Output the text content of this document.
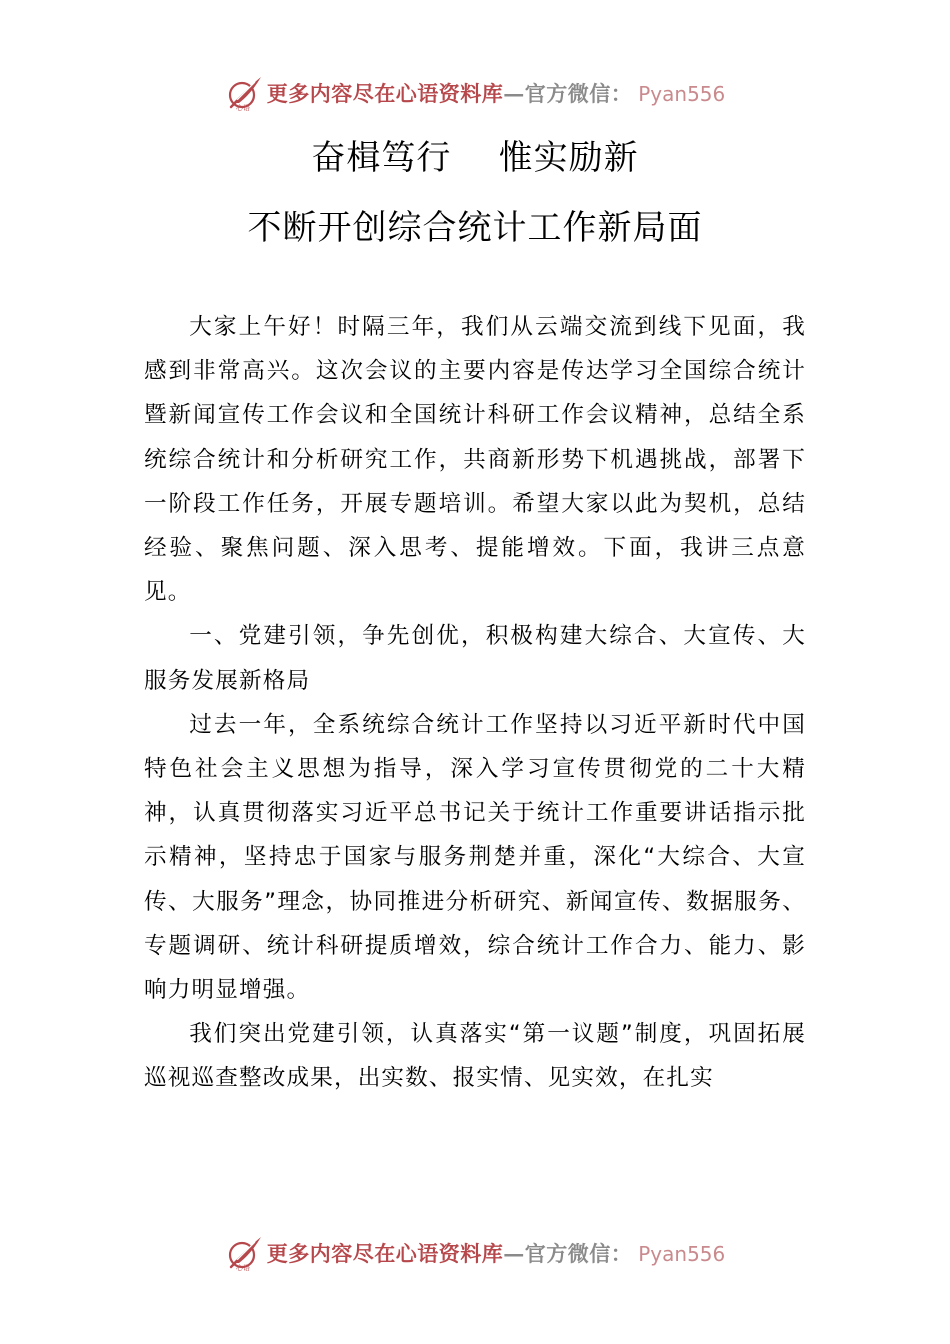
心语
更多内容尽在心语资料库 — 官方微信： Pyan556
奋楫笃行    惟实励新
不断开创综合统计工作新局面

大家上午好！时隔三年，我们从云端交流到线下见面，我感到非常高兴。这次会议的主要内容是传达学习全国综合统计暨新闻宣传工作会议和全国统计科研工作会议精神，总结全系统综合统计和分析研究工作，共商新形势下机遇挑战，部署下一阶段工作任务，开展专题培训。希望大家以此为契机，总结经验、聚焦问题、深入思考、提能增效。下面，我讲三点意见。

一、党建引领，争先创优，积极构建大综合、大宣传、大服务发展新格局

过去一年，全系统综合统计工作坚持以习近平新时代中国特色社会主义思想为指导，深入学习宣传贯彻党的二十大精神，认真贯彻落实习近平总书记关于统计工作重要讲话指示批示精神，坚持忠于国家与服务荆楚并重，深化“大综合、大宣传、大服务”理念，协同推进分析研究、新闻宣传、数据服务、专题调研、统计科研提质增效，综合统计工作合力、能力、影响力明显增强。

我们突出党建引领，认真落实“第一议题”制度，巩固拓展巡视巡查整改成果，出实数、报实情、见实效，在扎实

心语
更多内容尽在心语资料库 — 官方微信： Pyan556
